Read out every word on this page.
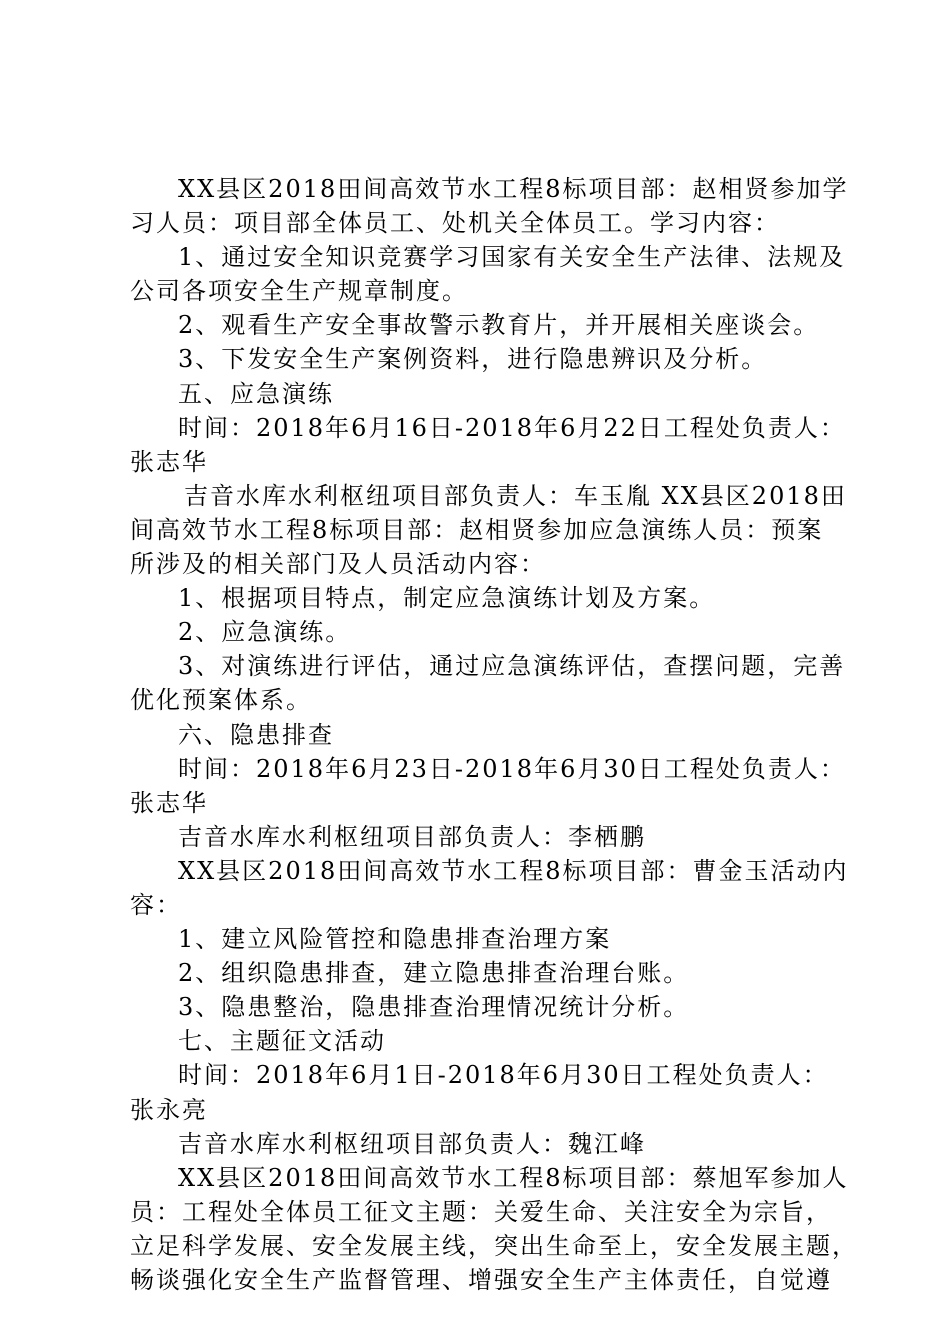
XX县区2018田间高效节水工程8标项目部：赵相贤参加学
习人员：项目部全体员工、处机关全体员工。学习内容：
1、通过安全知识竞赛学习国家有关安全生产法律、法规及
公司各项安全生产规章制度。
2、观看生产安全事故警示教育片，并开展相关座谈会。
3、下发安全生产案例资料，进行隐患辨识及分析。
五、应急演练
时间：2018年6月16日-2018年6月22日工程处负责人：
张志华
吉音水库水利枢纽项目部负责人：车玉胤 XX县区2018田
间高效节水工程8标项目部：赵相贤参加应急演练人员：预案
所涉及的相关部门及人员活动内容：
1、根据项目特点，制定应急演练计划及方案。
2、应急演练。
3、对演练进行评估，通过应急演练评估，查摆问题，完善
优化预案体系。
六、隐患排查
时间：2018年6月23日-2018年6月30日工程处负责人：
张志华
吉音水库水利枢纽项目部负责人：李栖鹏
XX县区2018田间高效节水工程8标项目部：曹金玉活动内
容：
1、建立风险管控和隐患排查治理方案
2、组织隐患排查，建立隐患排查治理台账。
3、隐患整治，隐患排查治理情况统计分析。
七、主题征文活动
时间：2018年6月1日-2018年6月30日工程处负责人：
张永亮
吉音水库水利枢纽项目部负责人：魏江峰
XX县区2018田间高效节水工程8标项目部：蔡旭军参加人
员：工程处全体员工征文主题：关爱生命、关注安全为宗旨，
立足科学发展、安全发展主线，突出生命至上，安全发展主题，
畅谈强化安全生产监督管理、增强安全生产主体责任，自觉遵
